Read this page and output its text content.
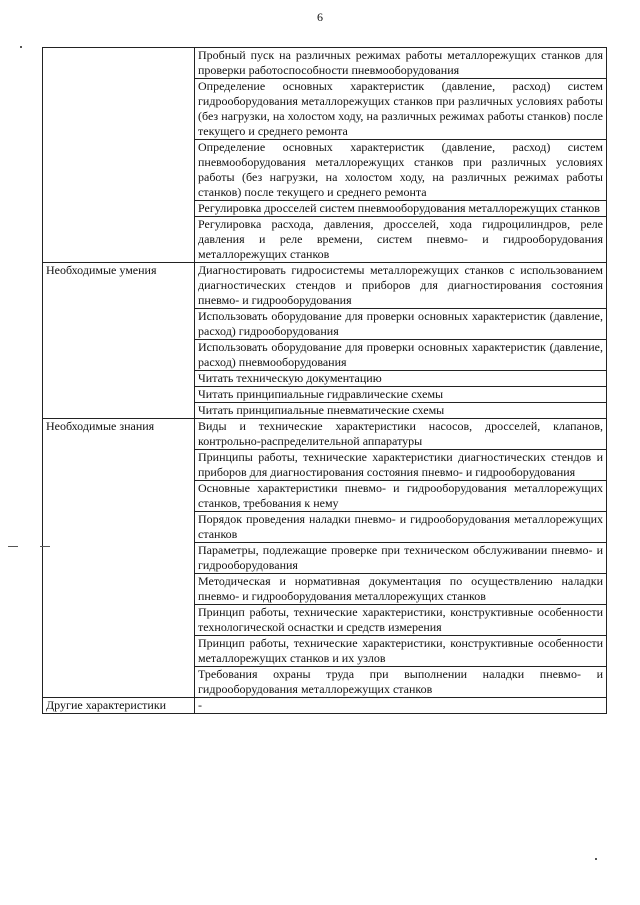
6
	Пробный пуск на различных режимах работы металлорежущих станков для проверки работоспособности пневмооборудования
	Определение основных характеристик (давление, расход) систем гидрооборудования металлорежущих станков при различных условиях работы (без нагрузки, на холостом ходу, на различных режимах работы станков) после текущего и среднего ремонта
	Определение основных характеристик (давление, расход) систем пневмооборудования металлорежущих станков при различных условиях работы (без нагрузки, на холостом ходу, на различных режимах работы станков) после текущего и среднего ремонта
	Регулировка дросселей систем пневмооборудования металлорежущих станков
	Регулировка расхода, давления, дросселей, хода гидроцилиндров, реле давления и реле времени, систем пневмо- и гидрооборудования металлорежущих станков
Необходимые умения	Диагностировать гидросистемы металлорежущих станков с использованием диагностических стендов и приборов для диагностирования состояния пневмо- и гидрооборудования
	Использовать оборудование для проверки основных характеристик (давление, расход) гидрооборудования
	Использовать оборудование для проверки основных характеристик (давление, расход) пневмооборудования
	Читать техническую документацию
	Читать принципиальные гидравлические схемы
	Читать принципиальные пневматические схемы
Необходимые знания	Виды и технические характеристики насосов, дросселей, клапанов, контрольно-распределительной аппаратуры
	Принципы работы, технические характеристики диагностических стендов и приборов для диагностирования состояния пневмо- и гидрооборудования
	Основные характеристики пневмо- и гидрооборудования металлорежущих станков, требования к нему
	Порядок проведения наладки пневмо- и гидрооборудования металлорежущих станков
	Параметры, подлежащие проверке при техническом обслуживании пневмо- и гидрооборудования
	Методическая и нормативная документация по осуществлению наладки пневмо- и гидрооборудования металлорежущих станков
	Принцип работы, технические характеристики, конструктивные особенности технологической оснастки и средств измерения
	Принцип работы, технические характеристики, конструктивные особенности металлорежущих станков и их узлов
	Требования охраны труда при выполнении наладки пневмо- и гидрооборудования металлорежущих станков
Другие характеристики	-
